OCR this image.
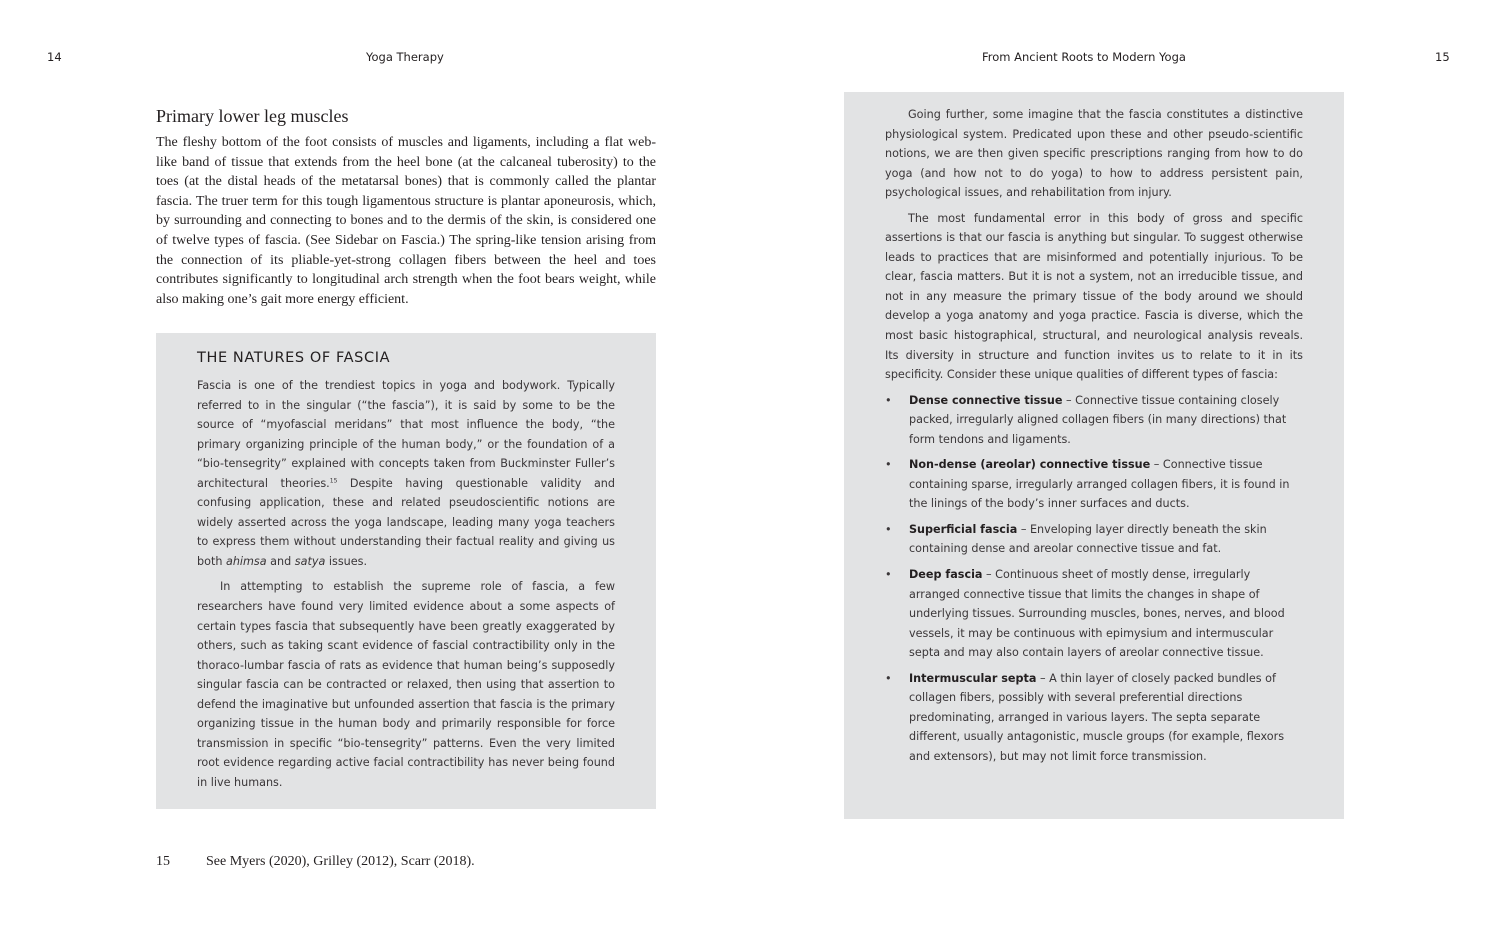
14	Yoga Therapy
Primary lower leg muscles

The fleshy bottom of the foot consists of muscles and ligaments, including a flat web-like band of tissue that extends from the heel bone (at the calcaneal tuberosity) to the toes (at the distal heads of the metatarsal bones) that is commonly called the plantar fascia. The truer term for this tough ligamentous structure is plantar aponeurosis, which, by surrounding and connecting to bones and to the dermis of the skin, is considered one of twelve types of fascia. (See Sidebar on Fascia.) The spring-like tension arising from the connection of its pliable-yet-strong collagen fibers between the heel and toes contributes significantly to longitudinal arch strength when the foot bears weight, while also making one’s gait more energy efficient.

THE NATURES OF FASCIA

Fascia is one of the trendiest topics in yoga and bodywork. Typically referred to in the singular (“the fascia”), it is said by some to be the source of “myofascial meridans” that most influence the body, “the primary organizing principle of the human body,” or the foundation of a “bio-tensegrity” explained with concepts taken from Buckminster Fuller’s architectural theories.$^{15}$ Despite having questionable validity and confusing application, these and related pseudoscientific notions are widely asserted across the yoga landscape, leading many yoga teachers to express them without understanding their factual reality and giving us both ahimsa and satya issues.

In attempting to establish the supreme role of fascia, a few researchers have found very limited evidence about a some aspects of certain types fascia that subsequently have been greatly exaggerated by others, such as taking scant evidence of fascial contractibility only in the thoraco-lumbar fascia of rats as evidence that human being’s supposedly singular fascia can be contracted or relaxed, then using that assertion to defend the imaginative but unfounded assertion that fascia is the primary organizing tissue in the human body and primarily responsible for force transmission in specific “bio-tensegrity” patterns. Even the very limited root evidence regarding active facial contractibility has never being found in live humans.

15	See Myers (2020), Grilley (2012), Scarr (2018).
From Ancient Roots to Modern Yoga	15

Going further, some imagine that the fascia constitutes a distinctive physiological system. Predicated upon these and other pseudo-scientific notions, we are then given specific prescriptions ranging from how to do yoga (and how not to do yoga) to how to address persistent pain, psychological issues, and rehabilitation from injury.

The most fundamental error in this body of gross and specific assertions is that our fascia is anything but singular. To suggest otherwise leads to practices that are misinformed and potentially injurious. To be clear, fascia matters. But it is not a system, not an irreducible tissue, and not in any measure the primary tissue of the body around we should develop a yoga anatomy and yoga practice. Fascia is diverse, which the most basic histographical, structural, and neurological analysis reveals. Its diversity in structure and function invites us to relate to it in its specificity. Consider these unique qualities of different types of fascia:

•	Dense connective tissue – Connective tissue containing closely packed, irregularly aligned collagen fibers (in many directions) that form tendons and ligaments.
•	Non-dense (areolar) connective tissue – Connective tissue containing sparse, irregularly arranged collagen fibers, it is found in the linings of the body’s inner surfaces and ducts.
•	Superficial fascia – Enveloping layer directly beneath the skin containing dense and areolar connective tissue and fat.
•	Deep fascia – Continuous sheet of mostly dense, irregularly arranged connective tissue that limits the changes in shape of underlying tissues. Surrounding muscles, bones, nerves, and blood vessels, it may be continuous with epimysium and intermuscular septa and may also contain layers of areolar connective tissue.
•	Intermuscular septa – A thin layer of closely packed bundles of collagen fibers, possibly with several preferential directions predominating, arranged in various layers. The septa separate different, usually antagonistic, muscle groups (for example, flexors and extensors), but may not limit force transmission.
